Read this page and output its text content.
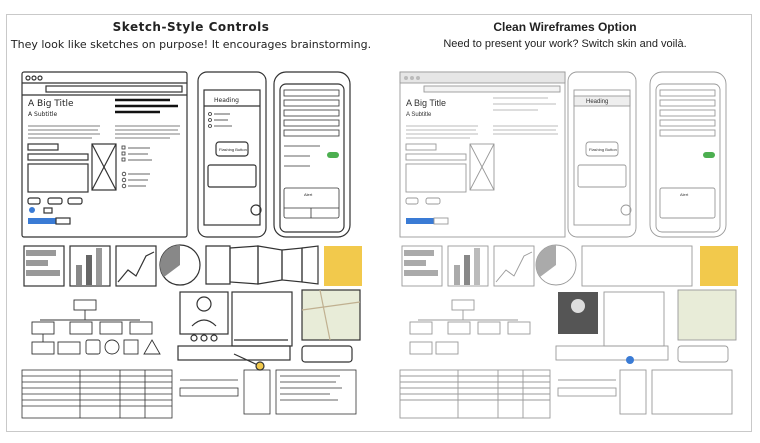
Sketch-Style Controls
They look like sketches on purpose! It encourages brainstorming.
Clean Wireframes Option
Need to present your work? Switch skin and voilà.
A Big Title
A Subtitle
Heading
Flashing Button
Alert
A Big Title
A Subtitle
Heading
Flashing Button
Alert
